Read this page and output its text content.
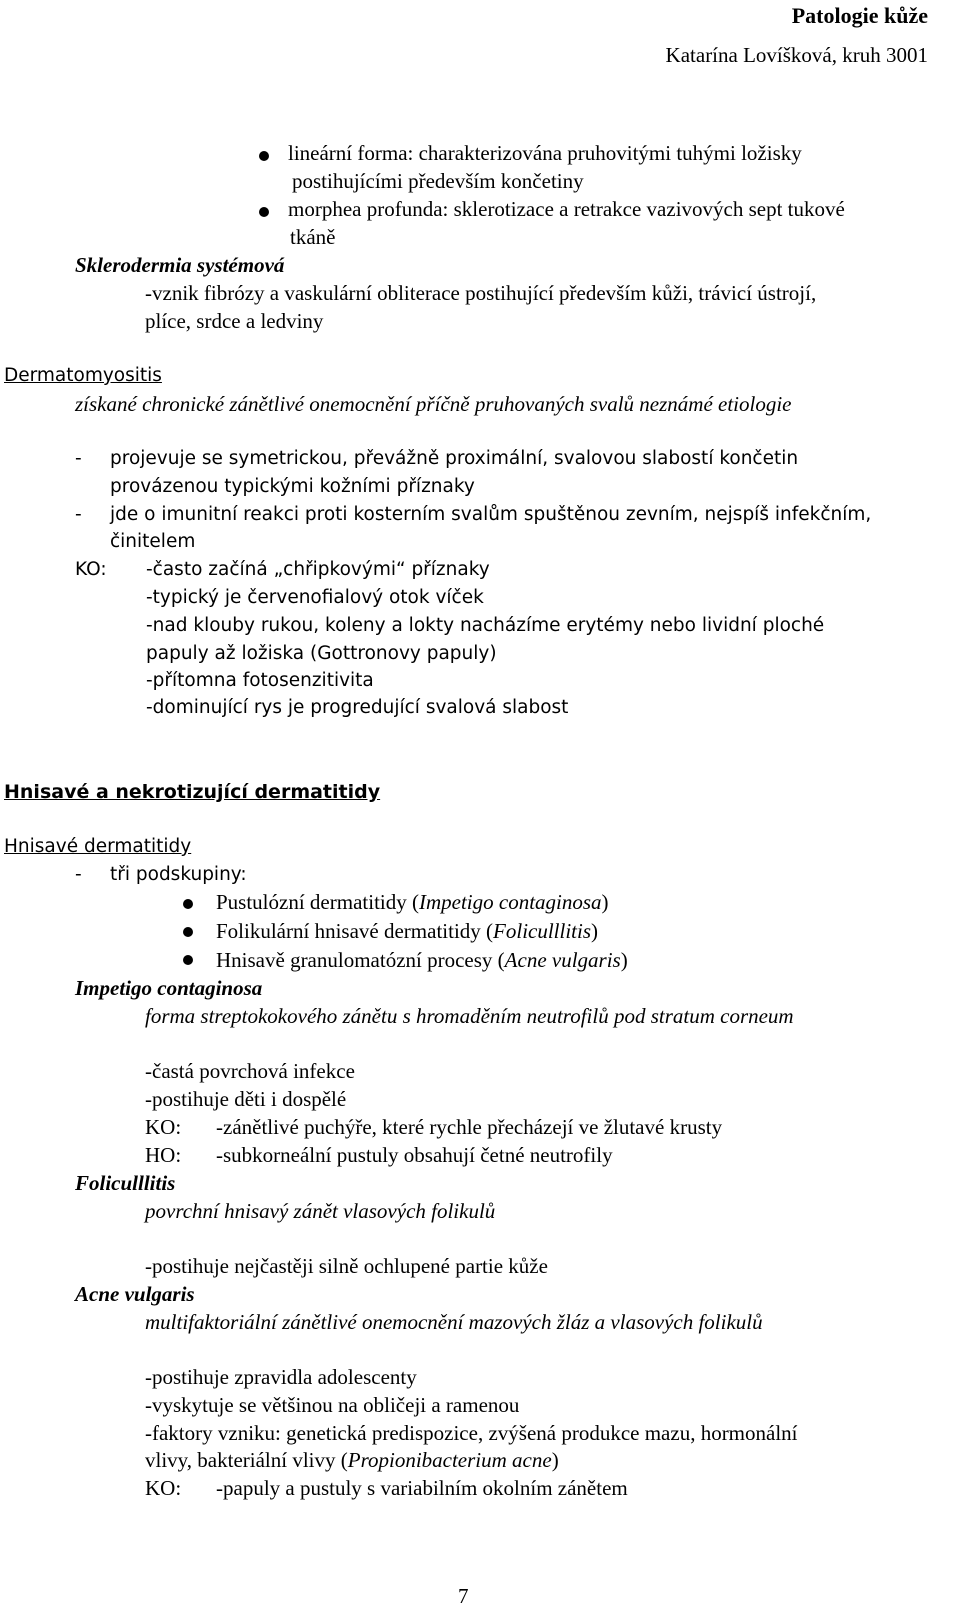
Patologie kůže
Katarína Lovíšková, kruh 3001
lineární forma: charakterizována pruhovitými tuhými ložisky
postihujícími především končetiny
morphea profunda: sklerotizace a retrakce vazivových sept tukové
tkáně
Sklerodermia systémová
-vznik fibrózy a vaskulární obliterace postihující především kůži, trávicí ústrojí,
plíce, srdce a ledviny
Dermatomyositis
získané chronické zánětlivé onemocnění příčně pruhovaných svalů neznámé etiologie
- projevuje se symetrickou, převážně proximální, svalovou slabostí končetin
provázenou typickými kožními příznaky
- jde o imunitní reakci proti kosterním svalům spuštěnou zevním, nejspíš infekčním,
činitelem
KO: -často začíná „chřipkovými“ příznaky
-typický je červenofialový otok víček
-nad klouby rukou, koleny a lokty nacházíme erytémy nebo lividní ploché
papuly až ložiska (Gottronovy papuly)
-přítomna fotosenzitivita
-dominující rys je progredující svalová slabost
Hnisavé a nekrotizující dermatitidy
Hnisavé dermatitidy
- tři podskupiny:
Pustulózní dermatitidy (Impetigo contaginosa)
Folikulární hnisavé dermatitidy (Foliculllitis)
Hnisavě granulomatózní procesy (Acne vulgaris)
Impetigo contaginosa
forma streptokokového zánětu s hromaděním neutrofilů pod stratum corneum
-častá povrchová infekce
-postihuje děti i dospělé
KO: -zánětlivé puchýře, které rychle přecházejí ve žlutavé krusty
HO: -subkorneální pustuly obsahují četné neutrofily
Foliculllitis
povrchní hnisavý zánět vlasových folikulů
-postihuje nejčastěji silně ochlupené partie kůže
Acne vulgaris
multifaktoriální zánětlivé onemocnění mazových žláz a vlasových folikulů
-postihuje zpravidla adolescenty
-vyskytuje se většinou na obličeji a ramenou
-faktory vzniku: genetická predispozice, zvýšená produkce mazu, hormonální
vlivy, bakteriální vlivy (Propionibacterium acne)
KO: -papuly a pustuly s variabilním okolním zánětem
7
